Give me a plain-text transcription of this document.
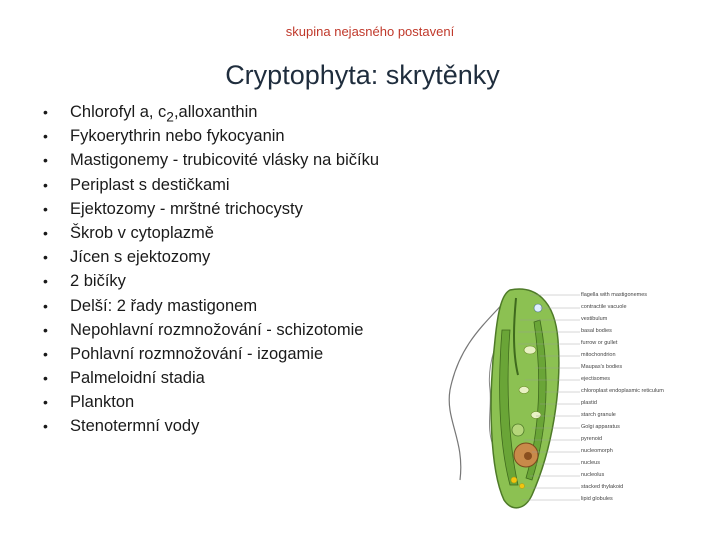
skupina nejasného postavení
Cryptophyta: skrytěnky
• Chlorofyl a, $c_2,alloxanthin$
• Fykoerythrin nebo fykocyanin
• Mastigonemy - trubicovité vlásky na bičíku
• Periplast s destičkami
• Ejektozomy - mrštné trichocysty
• Škrob v cytoplazmě
• Jícen s ejektozomy
• 2 bičíky
• Delší: 2 řady mastigonem
• Nepohlavní rozmnožování - schizotomie
• Pohlavní rozmnožování - izogamie
• Palmeloidní stadia
• Plankton
• Stenotermní vody
flagella with mastigonemes
contractile vacuole
vestibulum
basal bodies
furrow or gullet
mitochondrion
Maupas's bodies
ejectisomes
chloroplast endoplasmic reticulum
plastid
starch granule
Golgi apparatus
pyrenoid
nucleomorph
nucleus
nucleolus
stacked thylakoid
lipid globules
